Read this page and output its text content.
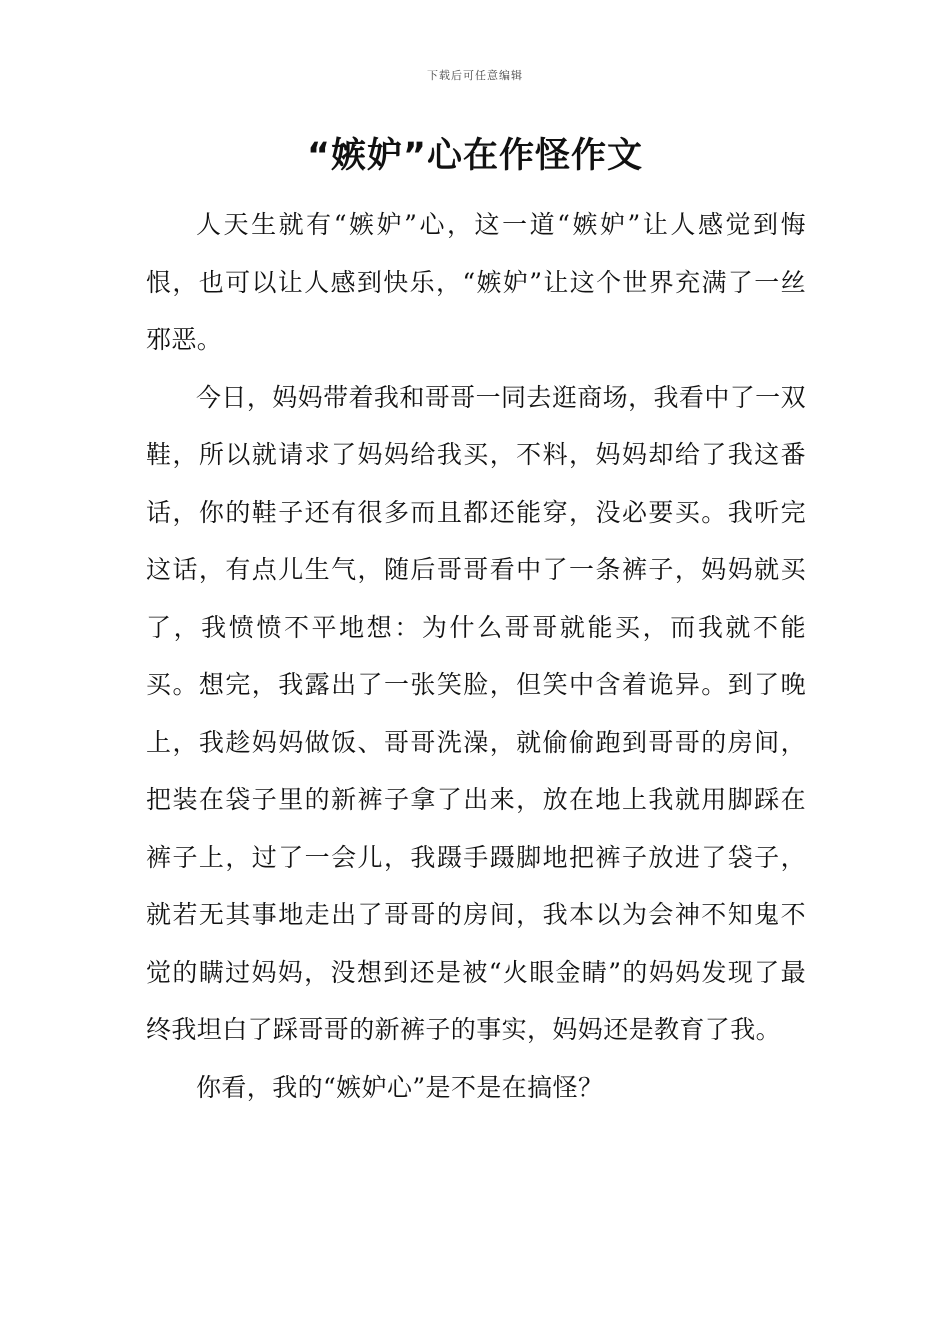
下载后可任意编辑
“嫉妒”心在作怪作文

人天生就有“嫉妒”心，这一道“嫉妒”让人感觉到悔恨，也可以让人感到快乐，“嫉妒”让这个世界充满了一丝邪恶。

今日，妈妈带着我和哥哥一同去逛商场，我看中了一双鞋，所以就请求了妈妈给我买，不料，妈妈却给了我这番话，你的鞋子还有很多而且都还能穿，没必要买。我听完这话，有点儿生气，随后哥哥看中了一条裤子，妈妈就买了，我愤愤不平地想：为什么哥哥就能买，而我就不能买。想完，我露出了一张笑脸，但笑中含着诡异。到了晚上，我趁妈妈做饭、哥哥洗澡，就偷偷跑到哥哥的房间，把装在袋子里的新裤子拿了出来，放在地上我就用脚踩在裤子上，过了一会儿，我蹑手蹑脚地把裤子放进了袋子，就若无其事地走出了哥哥的房间，我本以为会神不知鬼不觉的瞒过妈妈，没想到还是被“火眼金睛”的妈妈发现了最终我坦白了踩哥哥的新裤子的事实，妈妈还是教育了我。

你看，我的“嫉妒心”是不是在搞怪？
